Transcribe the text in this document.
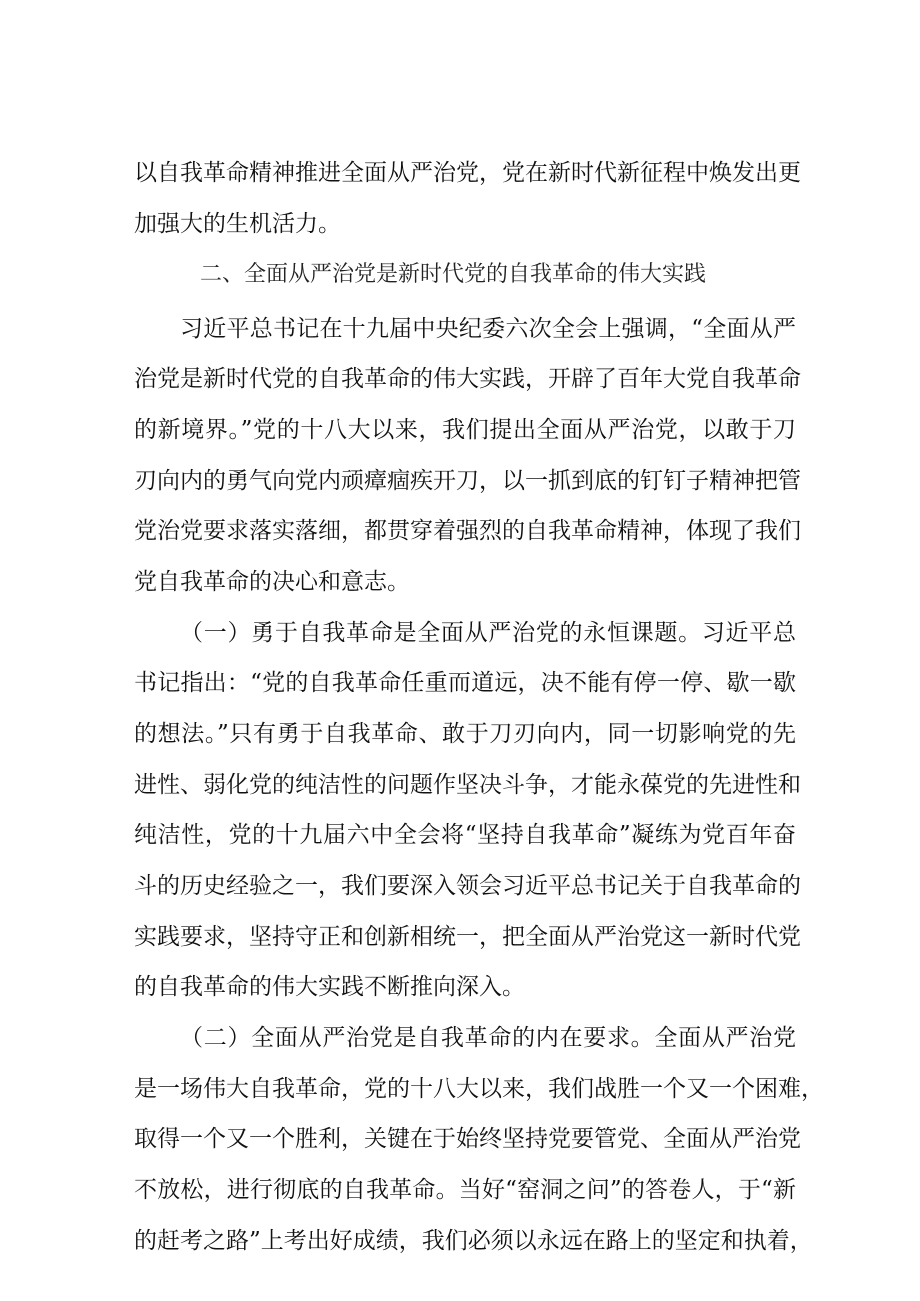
以自我革命精神推进全面从严治党，党在新时代新征程中焕发出更
加强大的生机活力。
二、全面从严治党是新时代党的自我革命的伟大实践
习近平总书记在十九届中央纪委六次全会上强调，“全面从严
治党是新时代党的自我革命的伟大实践，开辟了百年大党自我革命
的新境界。”党的十八大以来，我们提出全面从严治党，以敢于刀
刃向内的勇气向党内顽瘴痼疾开刀，以一抓到底的钉钉子精神把管
党治党要求落实落细，都贯穿着强烈的自我革命精神，体现了我们
党自我革命的决心和意志。
（一）勇于自我革命是全面从严治党的永恒课题。习近平总
书记指出：“党的自我革命任重而道远，决不能有停一停、歇一歇
的想法。”只有勇于自我革命、敢于刀刃向内，同一切影响党的先
进性、弱化党的纯洁性的问题作坚决斗争，才能永葆党的先进性和
纯洁性，党的十九届六中全会将“坚持自我革命”凝练为党百年奋
斗的历史经验之一，我们要深入领会习近平总书记关于自我革命的
实践要求，坚持守正和创新相统一，把全面从严治党这一新时代党
的自我革命的伟大实践不断推向深入。
（二）全面从严治党是自我革命的内在要求。全面从严治党
是一场伟大自我革命，党的十八大以来，我们战胜一个又一个困难，
取得一个又一个胜利，关键在于始终坚持党要管党、全面从严治党
不放松，进行彻底的自我革命。当好“窑洞之问”的答卷人，于“新
的赶考之路”上考出好成绩，我们必须以永远在路上的坚定和执着，
